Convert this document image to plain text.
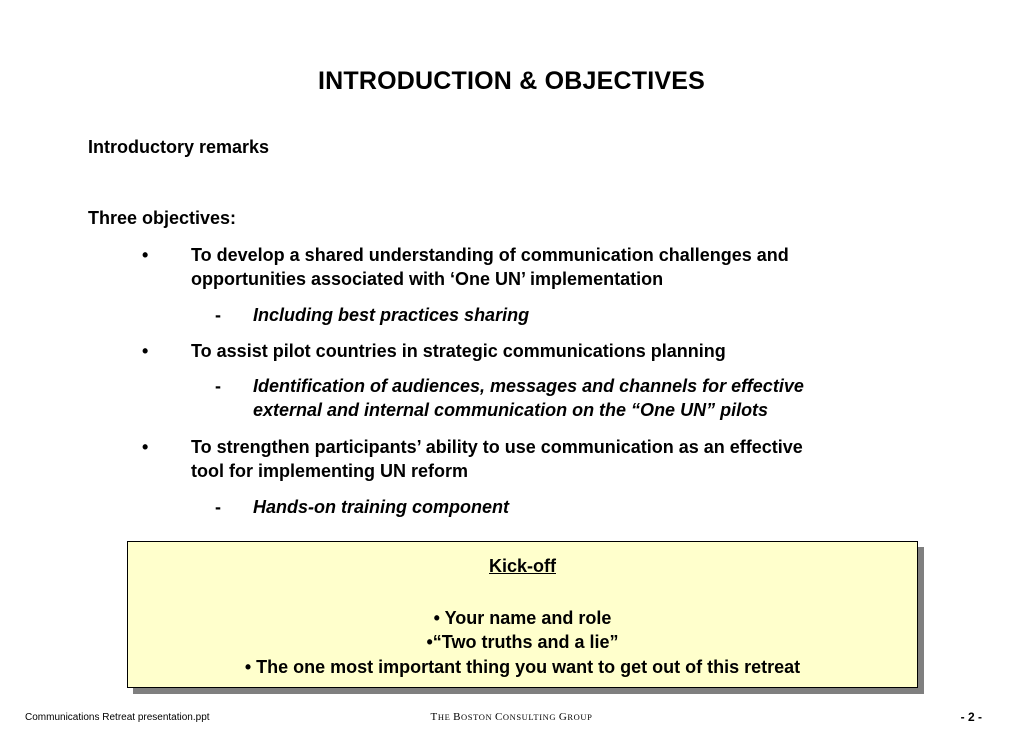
INTRODUCTION & OBJECTIVES
Introductory remarks
Three objectives:
• To develop a shared understanding of communication challenges and
opportunities associated with ‘One UN’ implementation
- Including best practices sharing
• To assist pilot countries in strategic communications planning
- Identification of audiences, messages and channels for effective
external and internal communication on the “One UN” pilots
• To strengthen participants’ ability to use communication as an effective
tool for implementing UN reform
- Hands-on training component
Kick-off
• Your name and role
•“Two truths and a lie”
• The one most important thing you want to get out of this retreat
Communications Retreat presentation.ppt	THE BOSTON CONSULTING GROUP	- 2 -
